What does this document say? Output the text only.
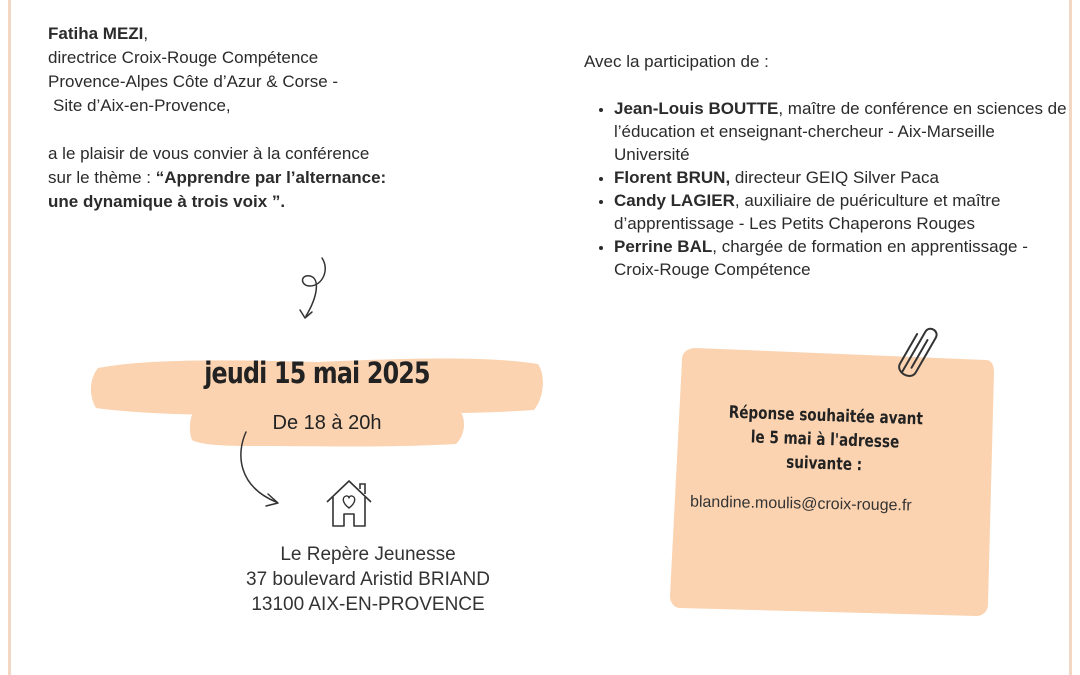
Fatiha MEZI,

directrice Croix-Rouge Compétence

Provence-Alpes Côte d’Azur & Corse -

Site d’Aix-en-Provence,

a le plaisir de vous convier à la conférence

sur le thème : “Apprendre par l’alternance:

une dynamique à trois voix ”.

jeudi 15 mai 2025
De 18 à 20h

Le Repère Jeunesse

37 boulevard Aristid BRIAND

13100 AIX-EN-PROVENCE

Avec la participation de :

• Jean-Louis BOUTTE, maître de conférence en sciences de l’éducation et enseignant-chercheur - Aix-Marseille Université
• Florent BRUN, directeur GEIQ Silver Paca
• Candy LAGIER, auxiliaire de puériculture et maître d’apprentissage - Les Petits Chaperons Rouges
• Perrine BAL, chargée de formation en apprentissage - Croix-Rouge Compétence

Réponse souhaitée avant
le 5 mai à l'adresse
suivante :

blandine.moulis@croix-rouge.fr
